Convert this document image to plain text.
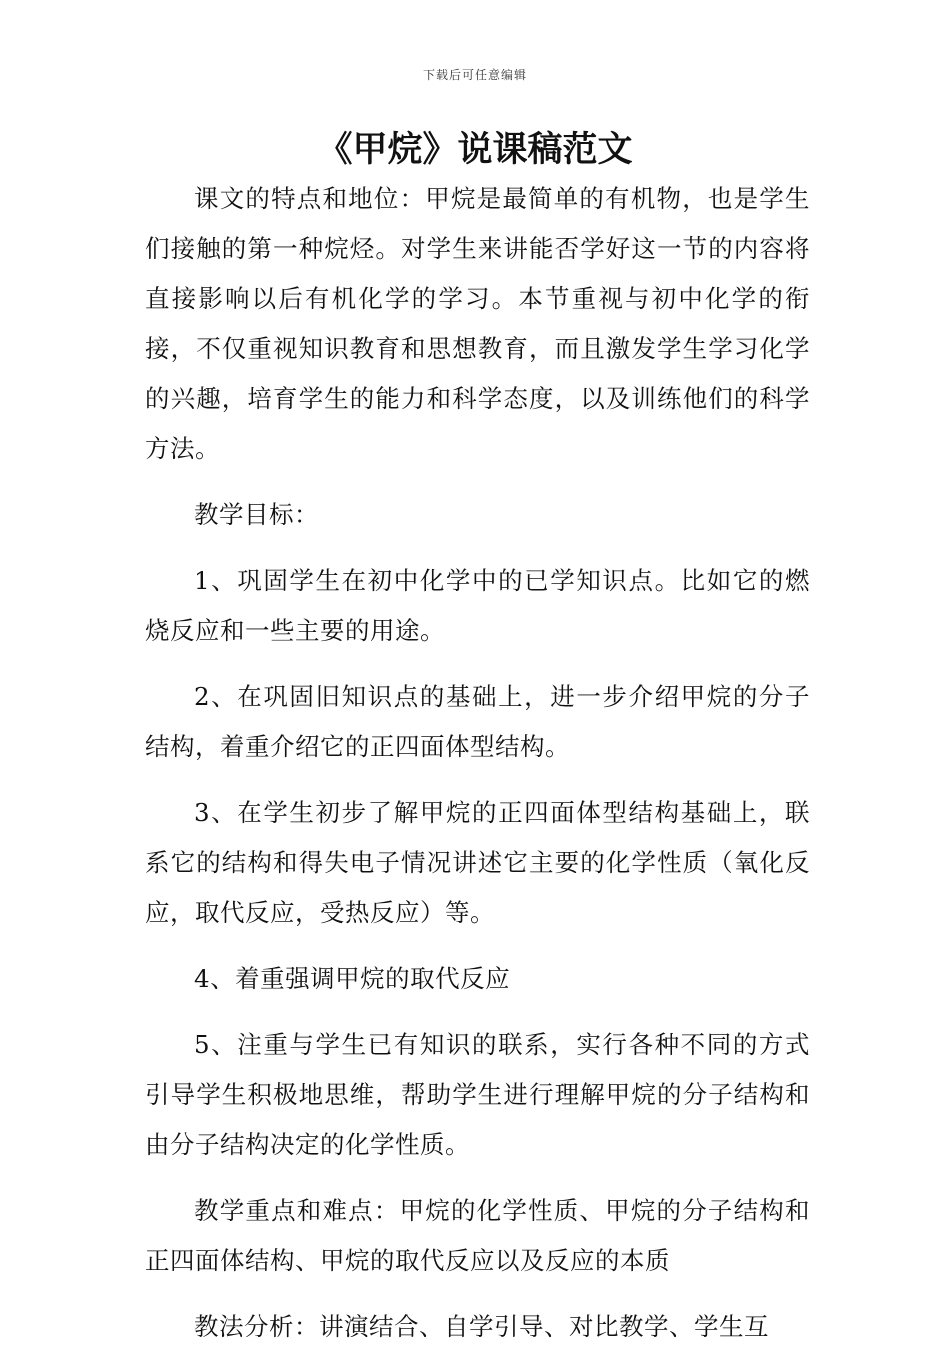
下载后可任意编辑
《甲烷》说课稿范文

课文的特点和地位：甲烷是最简单的有机物，也是学生们接触的第一种烷烃。对学生来讲能否学好这一节的内容将直接影响以后有机化学的学习。本节重视与初中化学的衔接，不仅重视知识教育和思想教育，而且激发学生学习化学的兴趣，培育学生的能力和科学态度，以及训练他们的科学方法。

教学目标：

1、巩固学生在初中化学中的已学知识点。比如它的燃烧反应和一些主要的用途。

2、在巩固旧知识点的基础上，进一步介绍甲烷的分子结构，着重介绍它的正四面体型结构。

3、在学生初步了解甲烷的正四面体型结构基础上，联系它的结构和得失电子情况讲述它主要的化学性质（氧化反应，取代反应，受热反应）等。

4、着重强调甲烷的取代反应

5、注重与学生已有知识的联系，实行各种不同的方式引导学生积极地思维，帮助学生进行理解甲烷的分子结构和由分子结构决定的化学性质。

教学重点和难点：甲烷的化学性质、甲烷的分子结构和正四面体结构、甲烷的取代反应以及反应的本质

教法分析：讲演结合、自学引导、对比教学、学生互
